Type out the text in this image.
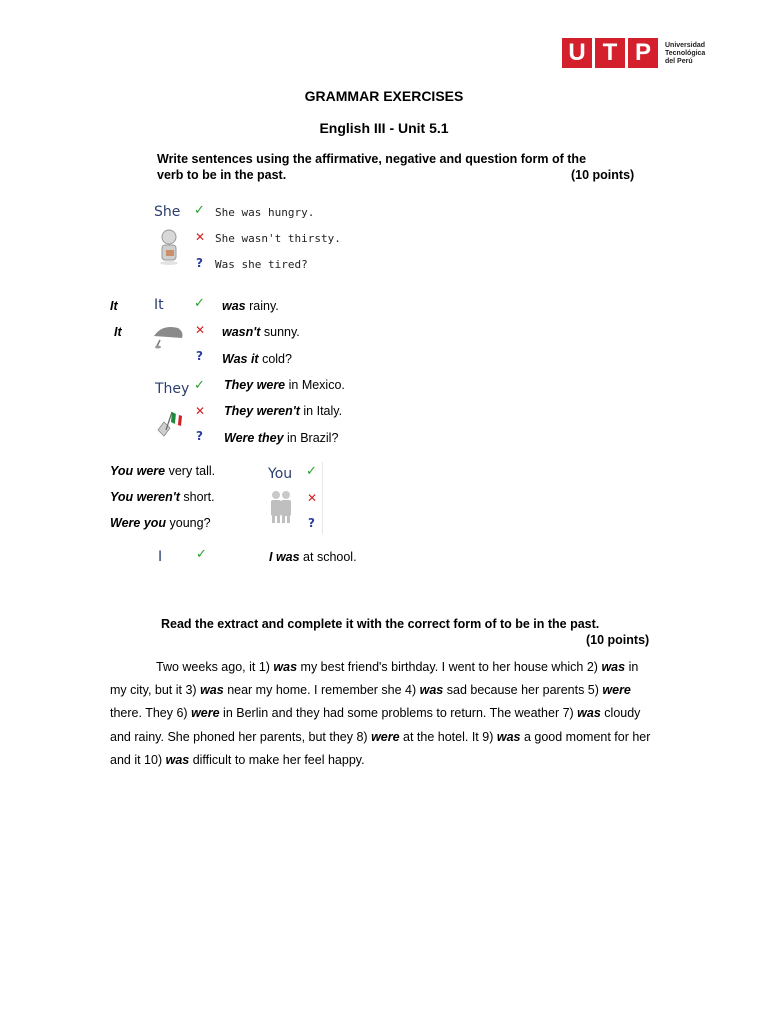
U T P	Universidad
Tecnológica
del Perú
GRAMMAR EXERCISES
English III - Unit 5.1
Write sentences using the affirmative, negative and question form of the
verb to be in the past.	(10 points)
She ✓ She was hungry.
✕ She wasn't thirsty.
? Was she tired?
It	It ✓ was rainy.
It	✕ wasn't sunny.
? Was it cold?
They ✓ They were in Mexico.
✕ They weren't in Italy.
? Were they in Brazil?
You were very tall.	You ✓
You weren't short.	✕
Were you young?	?
I	✓	I was at school.
Read the extract and complete it with the correct form of to be in the past.
(10 points)

Two weeks ago, it 1) was my best friend's birthday. I went to her house which 2) was in my city, but it 3) was near my home. I remember she 4) was sad because her parents 5) were there. They 6) were in Berlin and they had some problems to return. The weather 7) was cloudy and rainy. She phoned her parents, but they 8) were at the hotel. It 9) was a good moment for her and it 10) was difficult to make her feel happy.
